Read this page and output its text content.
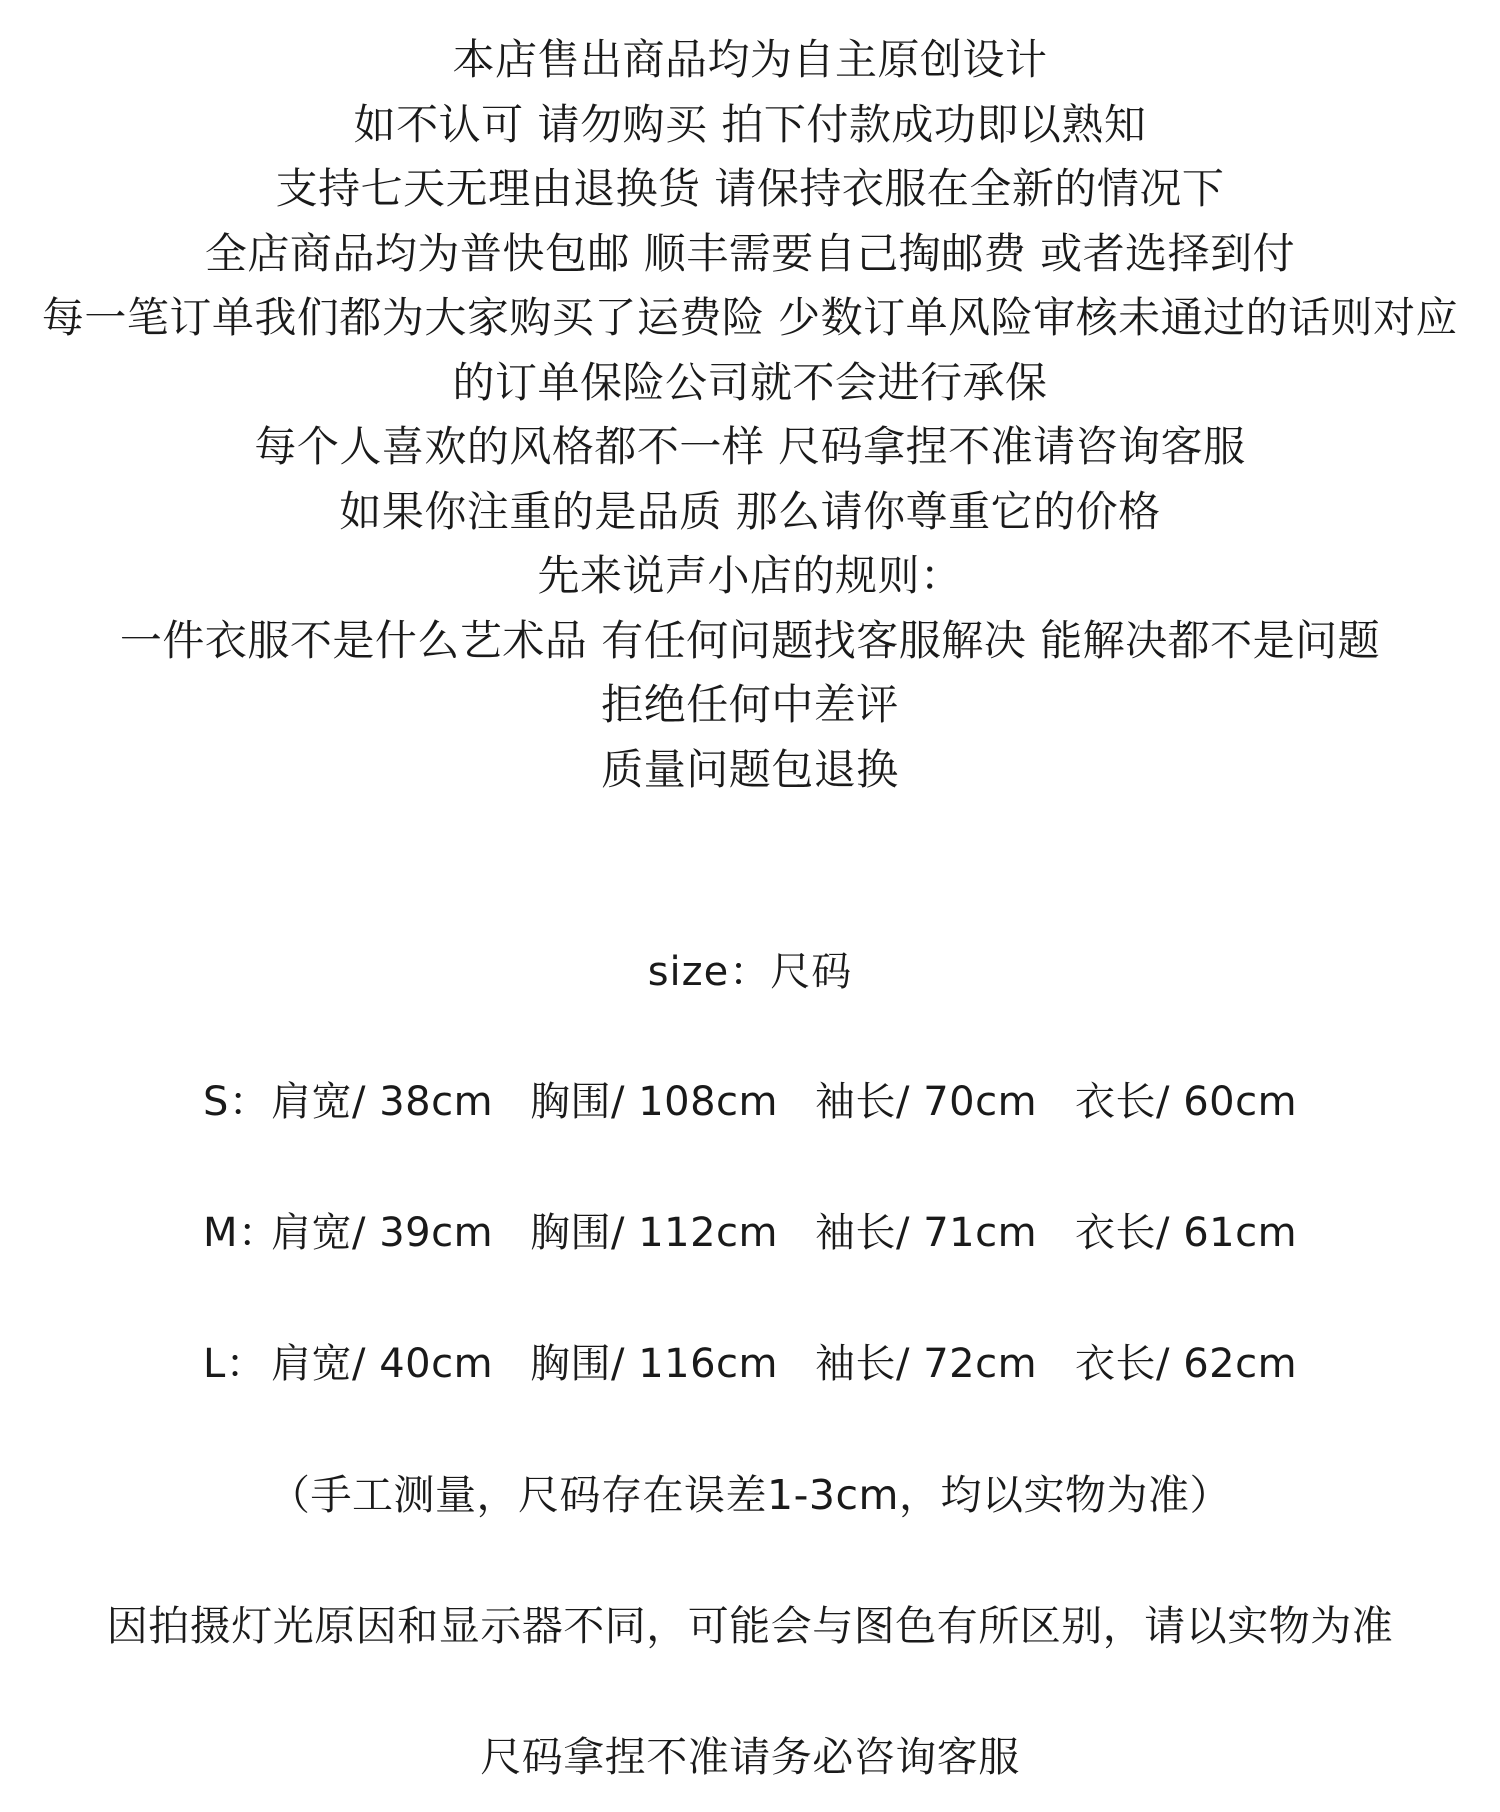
本店售出商品均为自主原创设计
如不认可 请勿购买 拍下付款成功即以熟知
支持七天无理由退换货 请保持衣服在全新的情况下
全店商品均为普快包邮 顺丰需要自己掏邮费 或者选择到付
每一笔订单我们都为大家购买了运费险 少数订单风险审核未通过的话则对应
的订单保险公司就不会进行承保
每个人喜欢的风格都不一样 尺码拿捏不准请咨询客服
如果你注重的是品质 那么请你尊重它的价格
先来说声小店的规则：
一件衣服不是什么艺术品 有任何问题找客服解决 能解决都不是问题
拒绝任何中差评
质量问题包退换
size：尺码
S： 肩宽/ 38cm 胸围/ 108cm 袖长/ 70cm 衣长/ 60cm
M：
肩宽/ 39cm 胸围/ 112cm 袖长/ 71cm 衣长/ 61cm
L： 肩宽/ 40cm 胸围/ 116cm 袖长/ 72cm 衣长/ 62cm
（手工测量，尺码存在误差1-3cm，均以实物为准）
因拍摄灯光原因和显示器不同，可能会与图色有所区别，请以实物为准
尺码拿捏不准请务必咨询客服
